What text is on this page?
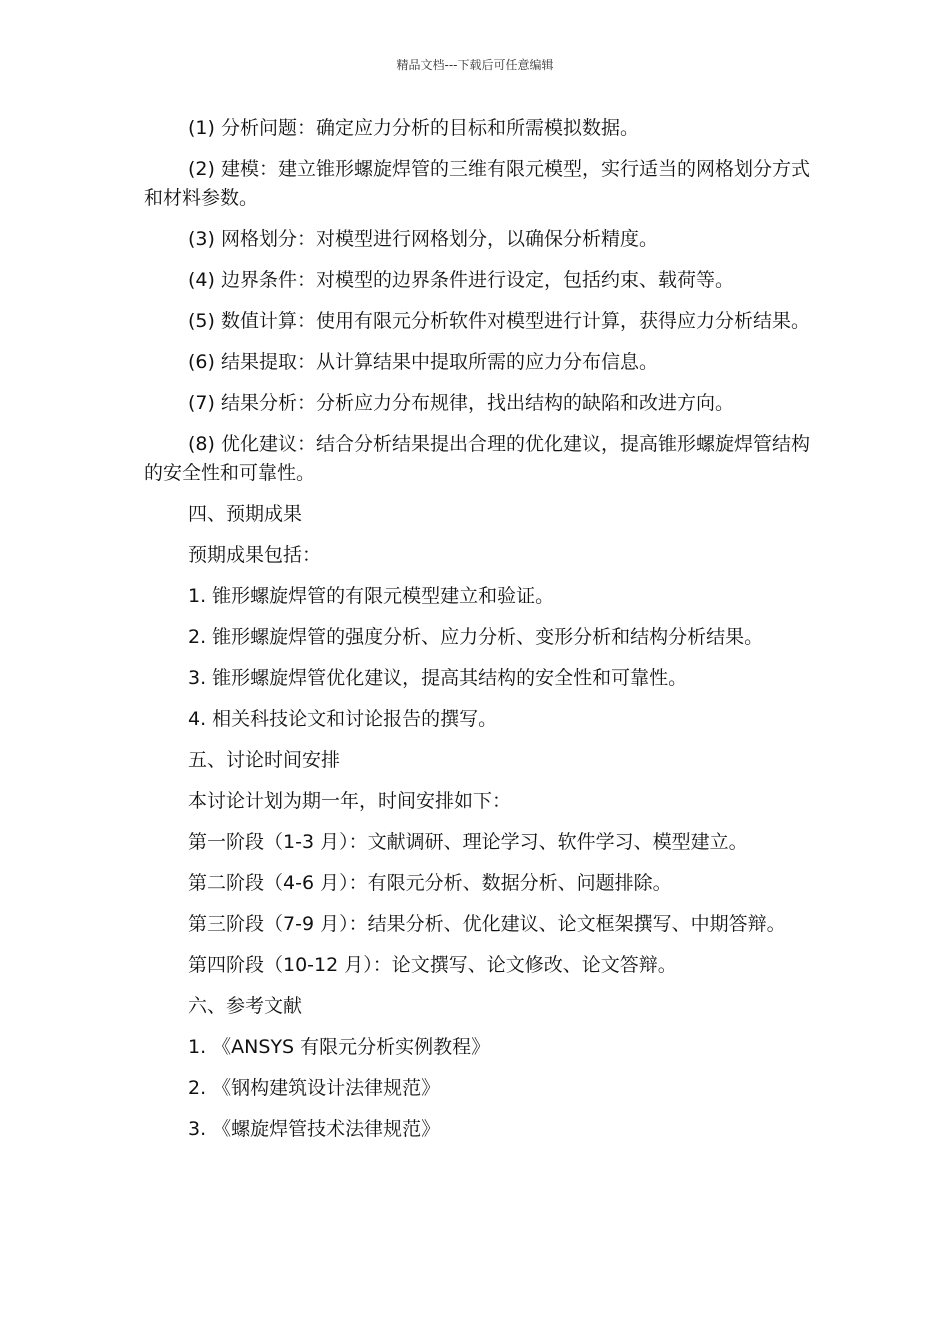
精品文档---下载后可任意编辑

(1) 分析问题：确定应力分析的目标和所需模拟数据。

(2) 建模：建立锥形螺旋焊管的三维有限元模型，实行适当的网格划分方式和材料参数。

(3) 网格划分：对模型进行网格划分，以确保分析精度。

(4) 边界条件：对模型的边界条件进行设定，包括约束、载荷等。

(5) 数值计算：使用有限元分析软件对模型进行计算，获得应力分析结果。

(6) 结果提取：从计算结果中提取所需的应力分布信息。

(7) 结果分析：分析应力分布规律，找出结构的缺陷和改进方向。

(8) 优化建议：结合分析结果提出合理的优化建议，提高锥形螺旋焊管结构的安全性和可靠性。

四、预期成果

预期成果包括：

1. 锥形螺旋焊管的有限元模型建立和验证。

2. 锥形螺旋焊管的强度分析、应力分析、变形分析和结构分析结果。

3. 锥形螺旋焊管优化建议，提高其结构的安全性和可靠性。

4. 相关科技论文和讨论报告的撰写。

五、讨论时间安排

本讨论计划为期一年，时间安排如下：

第一阶段（1-3 月）：文献调研、理论学习、软件学习、模型建立。

第二阶段（4-6 月）：有限元分析、数据分析、问题排除。

第三阶段（7-9 月）：结果分析、优化建议、论文框架撰写、中期答辩。

第四阶段（10-12 月）：论文撰写、论文修改、论文答辩。

六、参考文献

1. 《ANSYS 有限元分析实例教程》

2. 《钢构建筑设计法律规范》

3. 《螺旋焊管技术法律规范》
